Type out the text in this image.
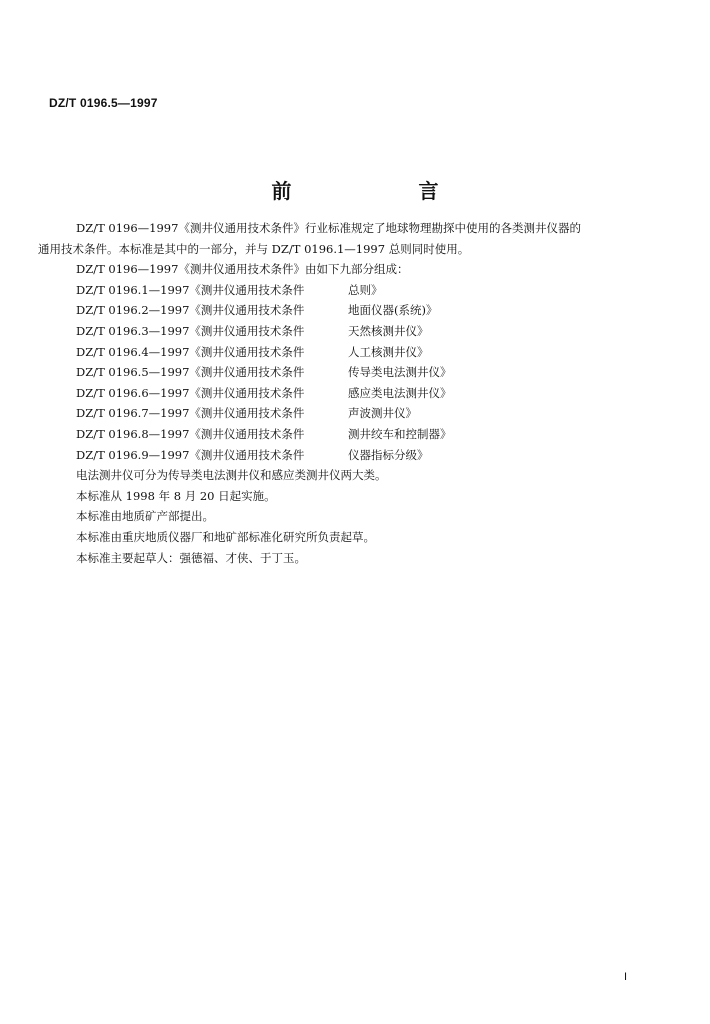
DZ/T 0196.5—1997
前 言

DZ/T 0196—1997《测井仪通用技术条件》行业标准规定了地球物理勘探中使用的各类测井仪器的

通用技术条件。本标准是其中的一部分，并与 DZ/T 0196.1—1997 总则同时使用。

DZ/T 0196—1997《测井仪通用技术条件》由如下九部分组成：

DZ/T 0196.1—1997《测井仪通用技术条件	总则》
DZ/T 0196.2—1997《测井仪通用技术条件	地面仪器(系统)》
DZ/T 0196.3—1997《测井仪通用技术条件	天然核测井仪》
DZ/T 0196.4—1997《测井仪通用技术条件	人工核测井仪》
DZ/T 0196.5—1997《测井仪通用技术条件	传导类电法测井仪》
DZ/T 0196.6—1997《测井仪通用技术条件	感应类电法测井仪》
DZ/T 0196.7—1997《测井仪通用技术条件	声波测井仪》
DZ/T 0196.8—1997《测井仪通用技术条件	测井绞车和控制器》
DZ/T 0196.9—1997《测井仪通用技术条件	仪器指标分级》

电法测井仪可分为传导类电法测井仪和感应类测井仪两大类。

本标准从 1998 年 8 月 20 日起实施。

本标准由地质矿产部提出。

本标准由重庆地质仪器厂和地矿部标准化研究所负责起草。

本标准主要起草人：强德福、才侠、于丁玉。

I
